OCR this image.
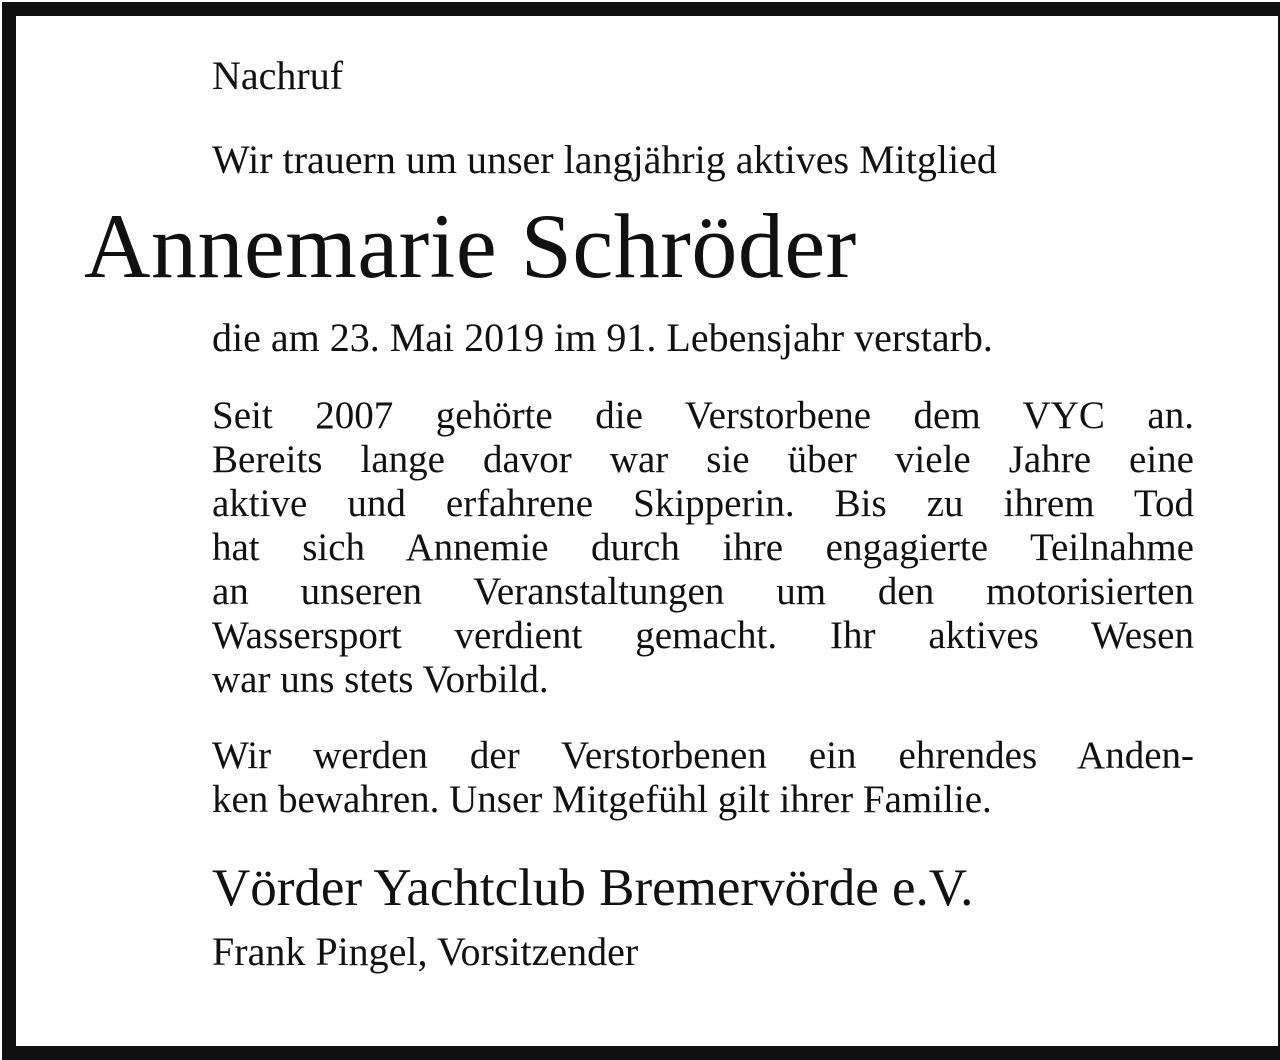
Nachruf
Wir trauern um unser langjährig aktives Mitglied
Annemarie Schröder
die am 23. Mai 2019 im 91. Lebensjahr verstarb.
Seit 2007 gehörte die Verstorbene dem VYC an.
Bereits lange davor war sie über viele Jahre eine
aktive und erfahrene Skipperin. Bis zu ihrem Tod
hat sich Annemie durch ihre engagierte Teilnahme
an unseren Veranstaltungen um den motorisierten
Wassersport verdient gemacht. Ihr aktives Wesen
war uns stets Vorbild.
Wir werden der Verstorbenen ein ehrendes Anden-
ken bewahren. Unser Mitgefühl gilt ihrer Familie.
Vörder Yachtclub Bremervörde e.V.
Frank Pingel, Vorsitzender
